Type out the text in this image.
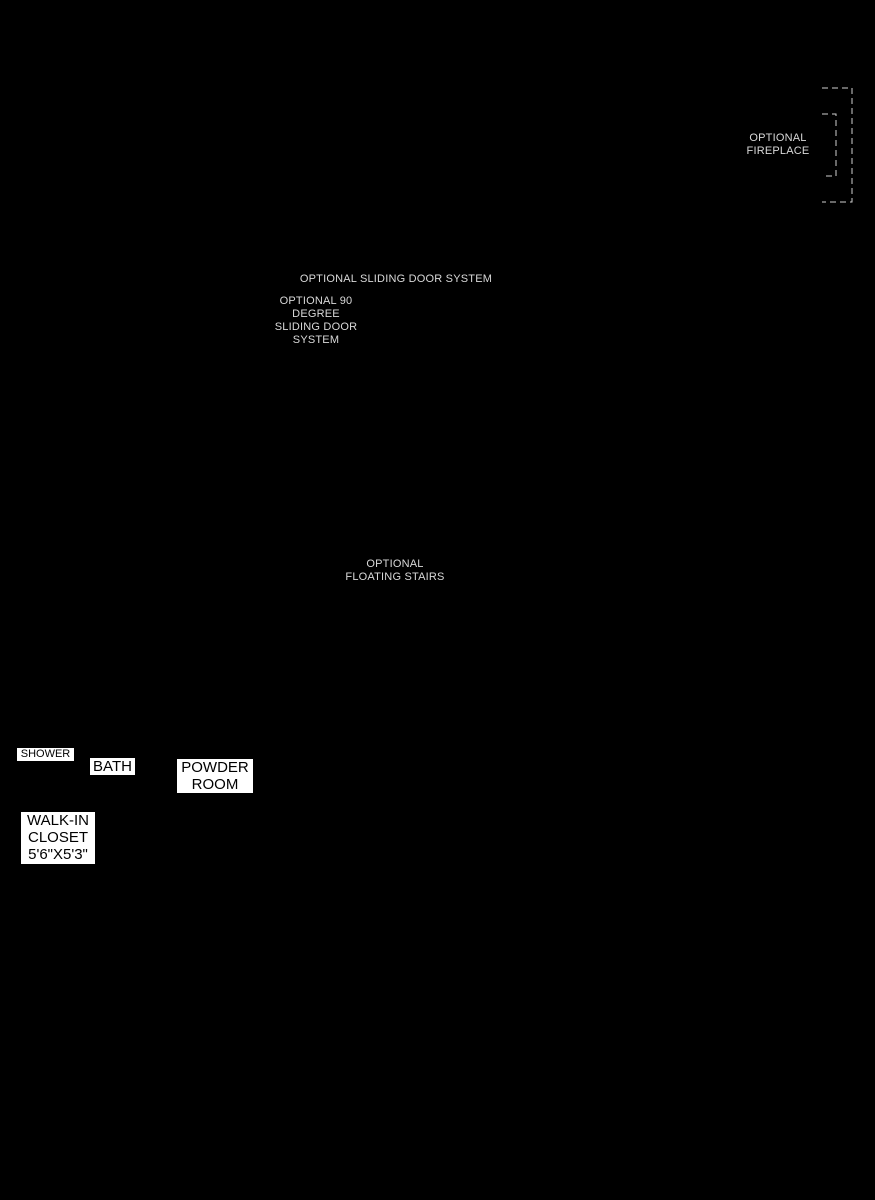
OPTIONAL
FIREPLACE
OPTIONAL SLIDING DOOR SYSTEM
OPTIONAL 90
DEGREE
SLIDING DOOR
SYSTEM
OPTIONAL
FLOATING STAIRS
SHOWER
BATH	POWDER
ROOM
WALK-IN
CLOSET
5'6"X5'3"
